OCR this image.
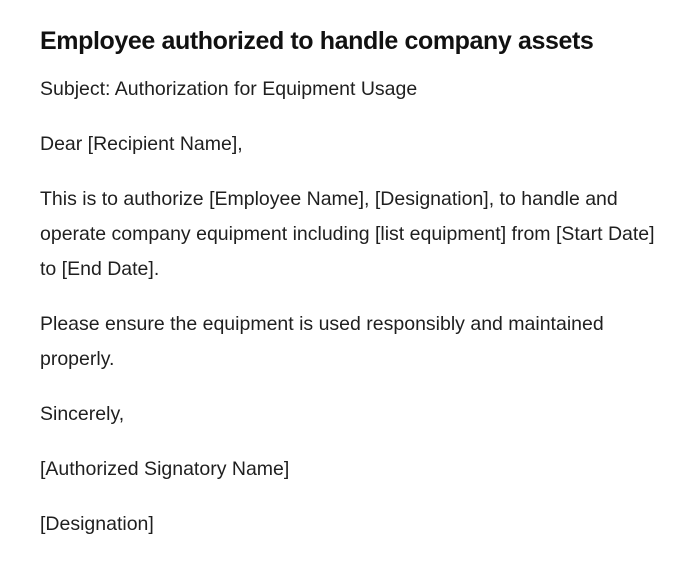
Employee authorized to handle company assets

Subject: Authorization for Equipment Usage

Dear [Recipient Name],

This is to authorize [Employee Name], [Designation], to handle and operate company equipment including [list equipment] from [Start Date] to [End Date].

Please ensure the equipment is used responsibly and maintained properly.

Sincerely,

[Authorized Signatory Name]

[Designation]
